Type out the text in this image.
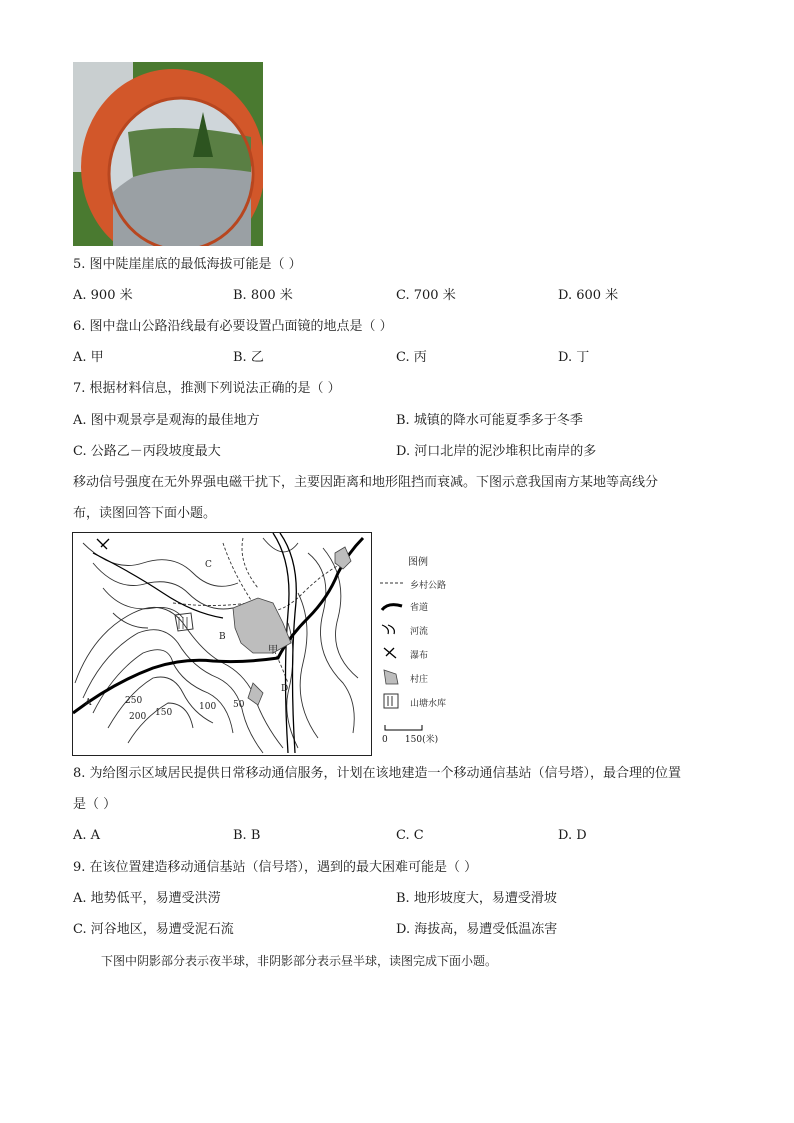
5. 图中陡崖崖底的最低海拔可能是（ ）
A. 900 米	B. 800 米	C. 700 米	D. 600 米
6. 图中盘山公路沿线最有必要设置凸面镜的地点是（ ）
A. 甲	B. 乙	C. 丙	D. 丁
7. 根据材料信息，推测下列说法正确的是（ ）
A. 图中观景亭是观海的最佳地方	B. 城镇的降水可能夏季多于冬季
C. 公路乙－丙段坡度最大	D. 河口北岸的泥沙堆积比南岸的多
移动信号强度在无外界强电磁干扰下，主要因距离和地形阻挡而衰减。下图示意我国南方某地等高线分
布，读图回答下面小题。
C
B
A
D
甲
250
200 150
100 50
图例
乡村公路
省道
河流
瀑布
村庄
山塘水库
0      150(米)
8. 为给图示区域居民提供日常移动通信服务，计划在该地建造一个移动通信基站（信号塔），最合理的位置
是（ ）
A. A	B. B	C. C	D. D
9. 在该位置建造移动通信基站（信号塔），遇到的最大困难可能是（ ）
A. 地势低平，易遭受洪涝	B. 地形坡度大，易遭受滑坡
C. 河谷地区，易遭受泥石流	D. 海拔高，易遭受低温冻害
下图中阴影部分表示夜半球，非阴影部分表示昼半球，读图完成下面小题。
